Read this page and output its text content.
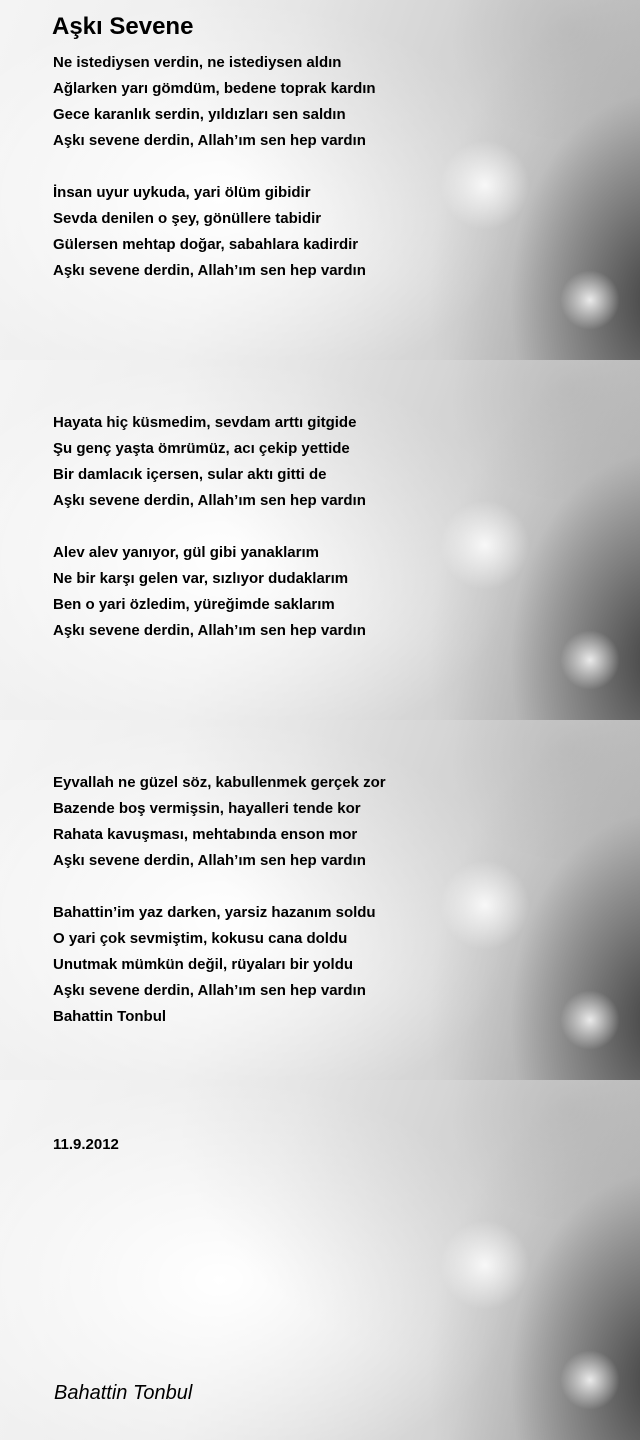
Aşkı Sevene
Ne istediysen verdin, ne istediysen aldın
Ağlarken yarı gömdüm, bedene toprak kardın
Gece karanlık serdin, yıldızları sen saldın
Aşkı sevene derdin, Allah’ım sen hep vardın
İnsan uyur uykuda, yari ölüm gibidir
Sevda denilen o şey, gönüllere tabidir
Gülersen mehtap doğar, sabahlara kadirdir
Aşkı sevene derdin, Allah’ım sen hep vardın
Hayata hiç küsmedim, sevdam arttı gitgide
Şu genç yaşta ömrümüz, acı çekip yettide
Bir damlacık içersen, sular aktı gitti de
Aşkı sevene derdin, Allah’ım sen hep vardın
Alev alev yanıyor, gül gibi yanaklarım
Ne bir karşı gelen var, sızlıyor dudaklarım
Ben o yari özledim, yüreğimde saklarım
Aşkı sevene derdin, Allah’ım sen hep vardın
Eyvallah ne güzel söz, kabullenmek gerçek zor
Bazende boş vermişsin, hayalleri tende kor
Rahata kavuşması, mehtabında enson mor
Aşkı sevene derdin, Allah’ım sen hep vardın
Bahattin’im yaz darken, yarsiz hazanım soldu
O yari çok sevmiştim, kokusu cana doldu
Unutmak mümkün değil, rüyaları bir yoldu
Aşkı sevene derdin, Allah’ım sen hep vardın
Bahattin Tonbul
11.9.2012
Bahattin Tonbul
